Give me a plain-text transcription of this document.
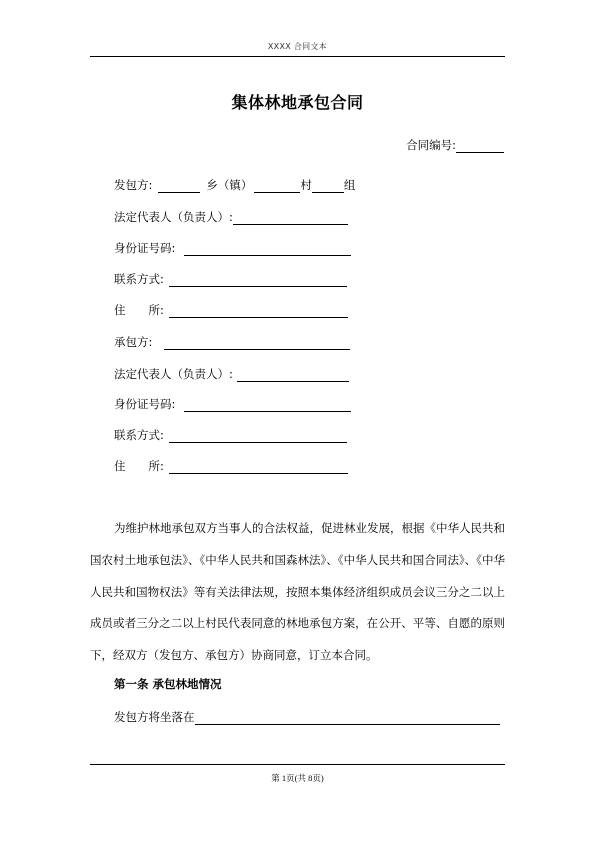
XXXX 合同文本
集体林地承包合同
合同编号:
发包方:	乡（镇）	村	组
法定代表人（负责人）:
身份证号码:
联系方式:
住　　所:
承包方:
法定代表人（负责人）:
身份证号码:
联系方式:
住　　所:
为维护林地承包双方当事人的合法权益，促进林业发展，根据《中华人民共和国农村土地承包法》、《中华人民共和国森林法》、《中华人民共和国合同法》、《中华人民共和国物权法》等有关法律法规，按照本集体经济组织成员会议三分之二以上成员或者三分之二以上村民代表同意的林地承包方案，在公开、平等、自愿的原则下，经双方（发包方、承包方）协商同意，订立本合同。
第一条 承包林地情况
发包方将坐落在
第 1页(共 8页)
